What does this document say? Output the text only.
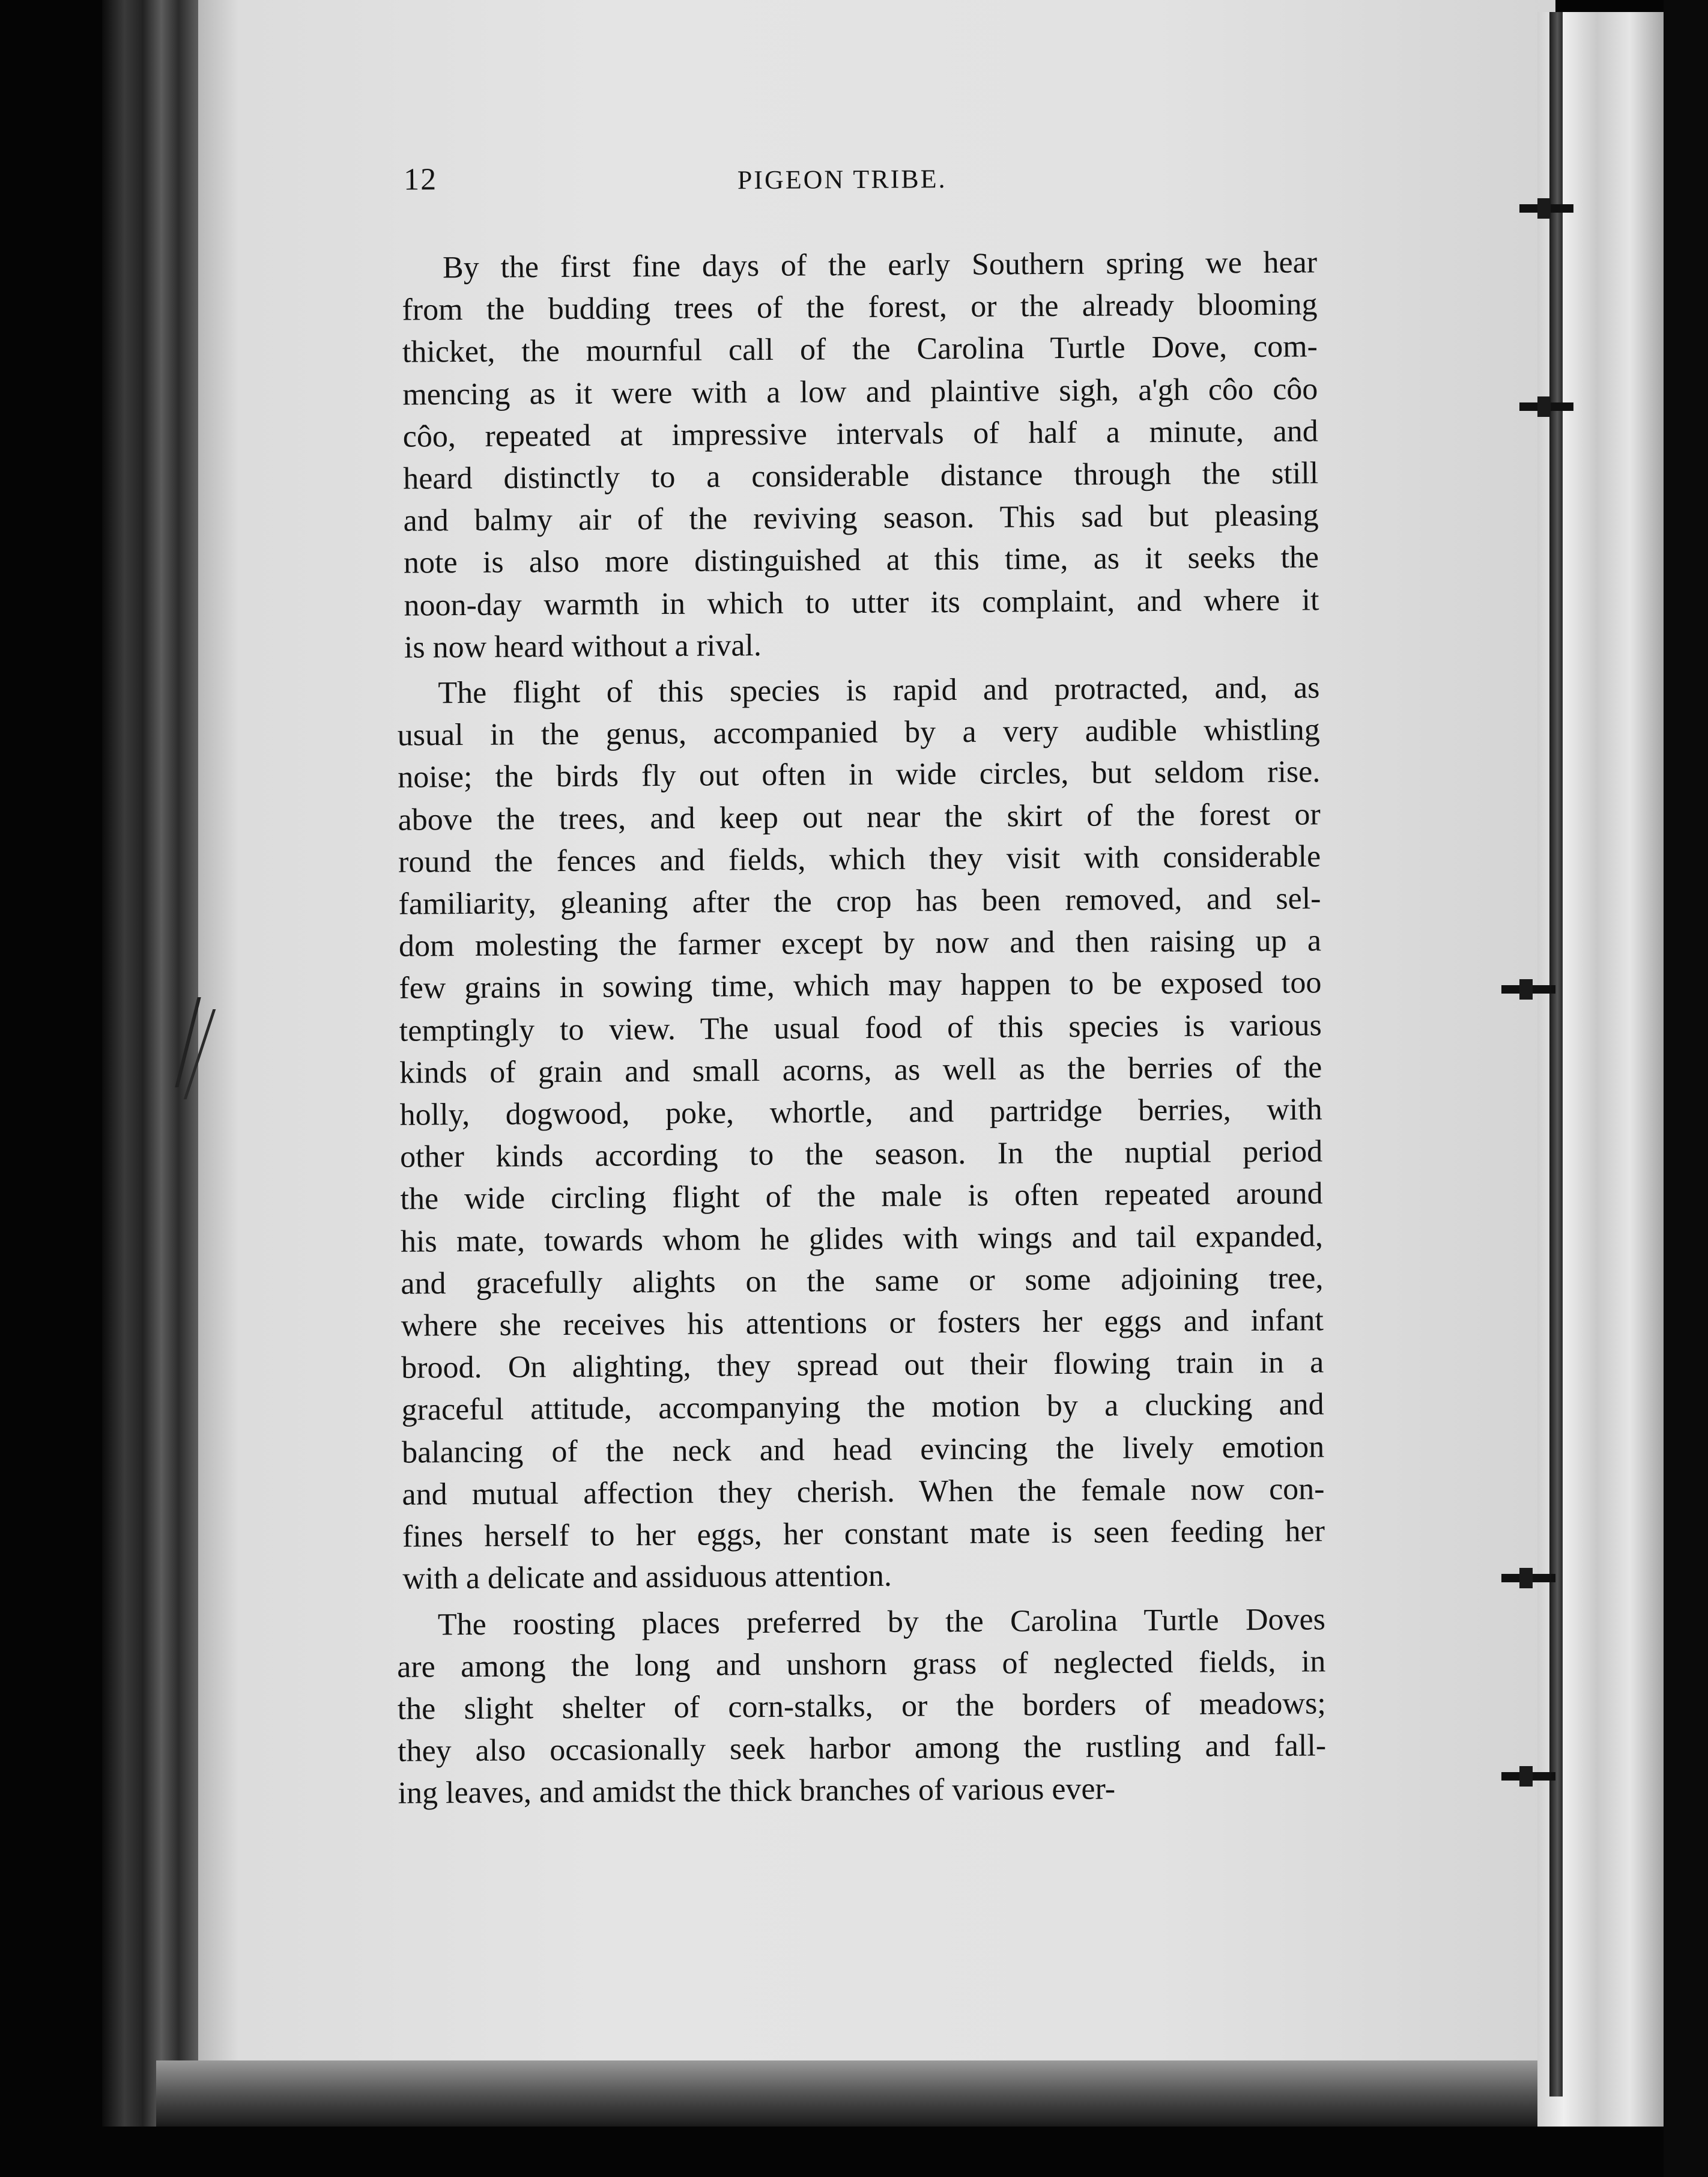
12	PIGEON TRIBE.
By the first fine days of the early Southern spring we hear
from the budding trees of the forest, or the already blooming
thicket, the mournful call of the Carolina Turtle Dove, com-
mencing as it were with a low and plaintive sigh, a'gh côo côo
côo, repeated at impressive intervals of half a minute, and
heard distinctly to a considerable distance through the still
and balmy air of the reviving season. This sad but pleasing
note is also more distinguished at this time, as it seeks the
noon-day warmth in which to utter its complaint, and where it
is now heard without a rival.
The flight of this species is rapid and protracted, and, as
usual in the genus, accompanied by a very audible whistling
noise; the birds fly out often in wide circles, but seldom rise.
above the trees, and keep out near the skirt of the forest or
round the fences and fields, which they visit with considerable
familiarity, gleaning after the crop has been removed, and sel-
dom molesting the farmer except by now and then raising up a
few grains in sowing time, which may happen to be exposed too
temptingly to view. The usual food of this species is various
kinds of grain and small acorns, as well as the berries of the
holly, dogwood, poke, whortle, and partridge berries, with
other kinds according to the season. In the nuptial period
the wide circling flight of the male is often repeated around
his mate, towards whom he glides with wings and tail expanded,
and gracefully alights on the same or some adjoining tree,
where she receives his attentions or fosters her eggs and infant
brood. On alighting, they spread out their flowing train in a
graceful attitude, accompanying the motion by a clucking and
balancing of the neck and head evincing the lively emotion
and mutual affection they cherish. When the female now con-
fines herself to her eggs, her constant mate is seen feeding her
with a delicate and assiduous attention.
The roosting places preferred by the Carolina Turtle Doves
are among the long and unshorn grass of neglected fields, in
the slight shelter of corn-stalks, or the borders of meadows;
they also occasionally seek harbor among the rustling and fall-
ing leaves, and amidst the thick branches of various ever-
